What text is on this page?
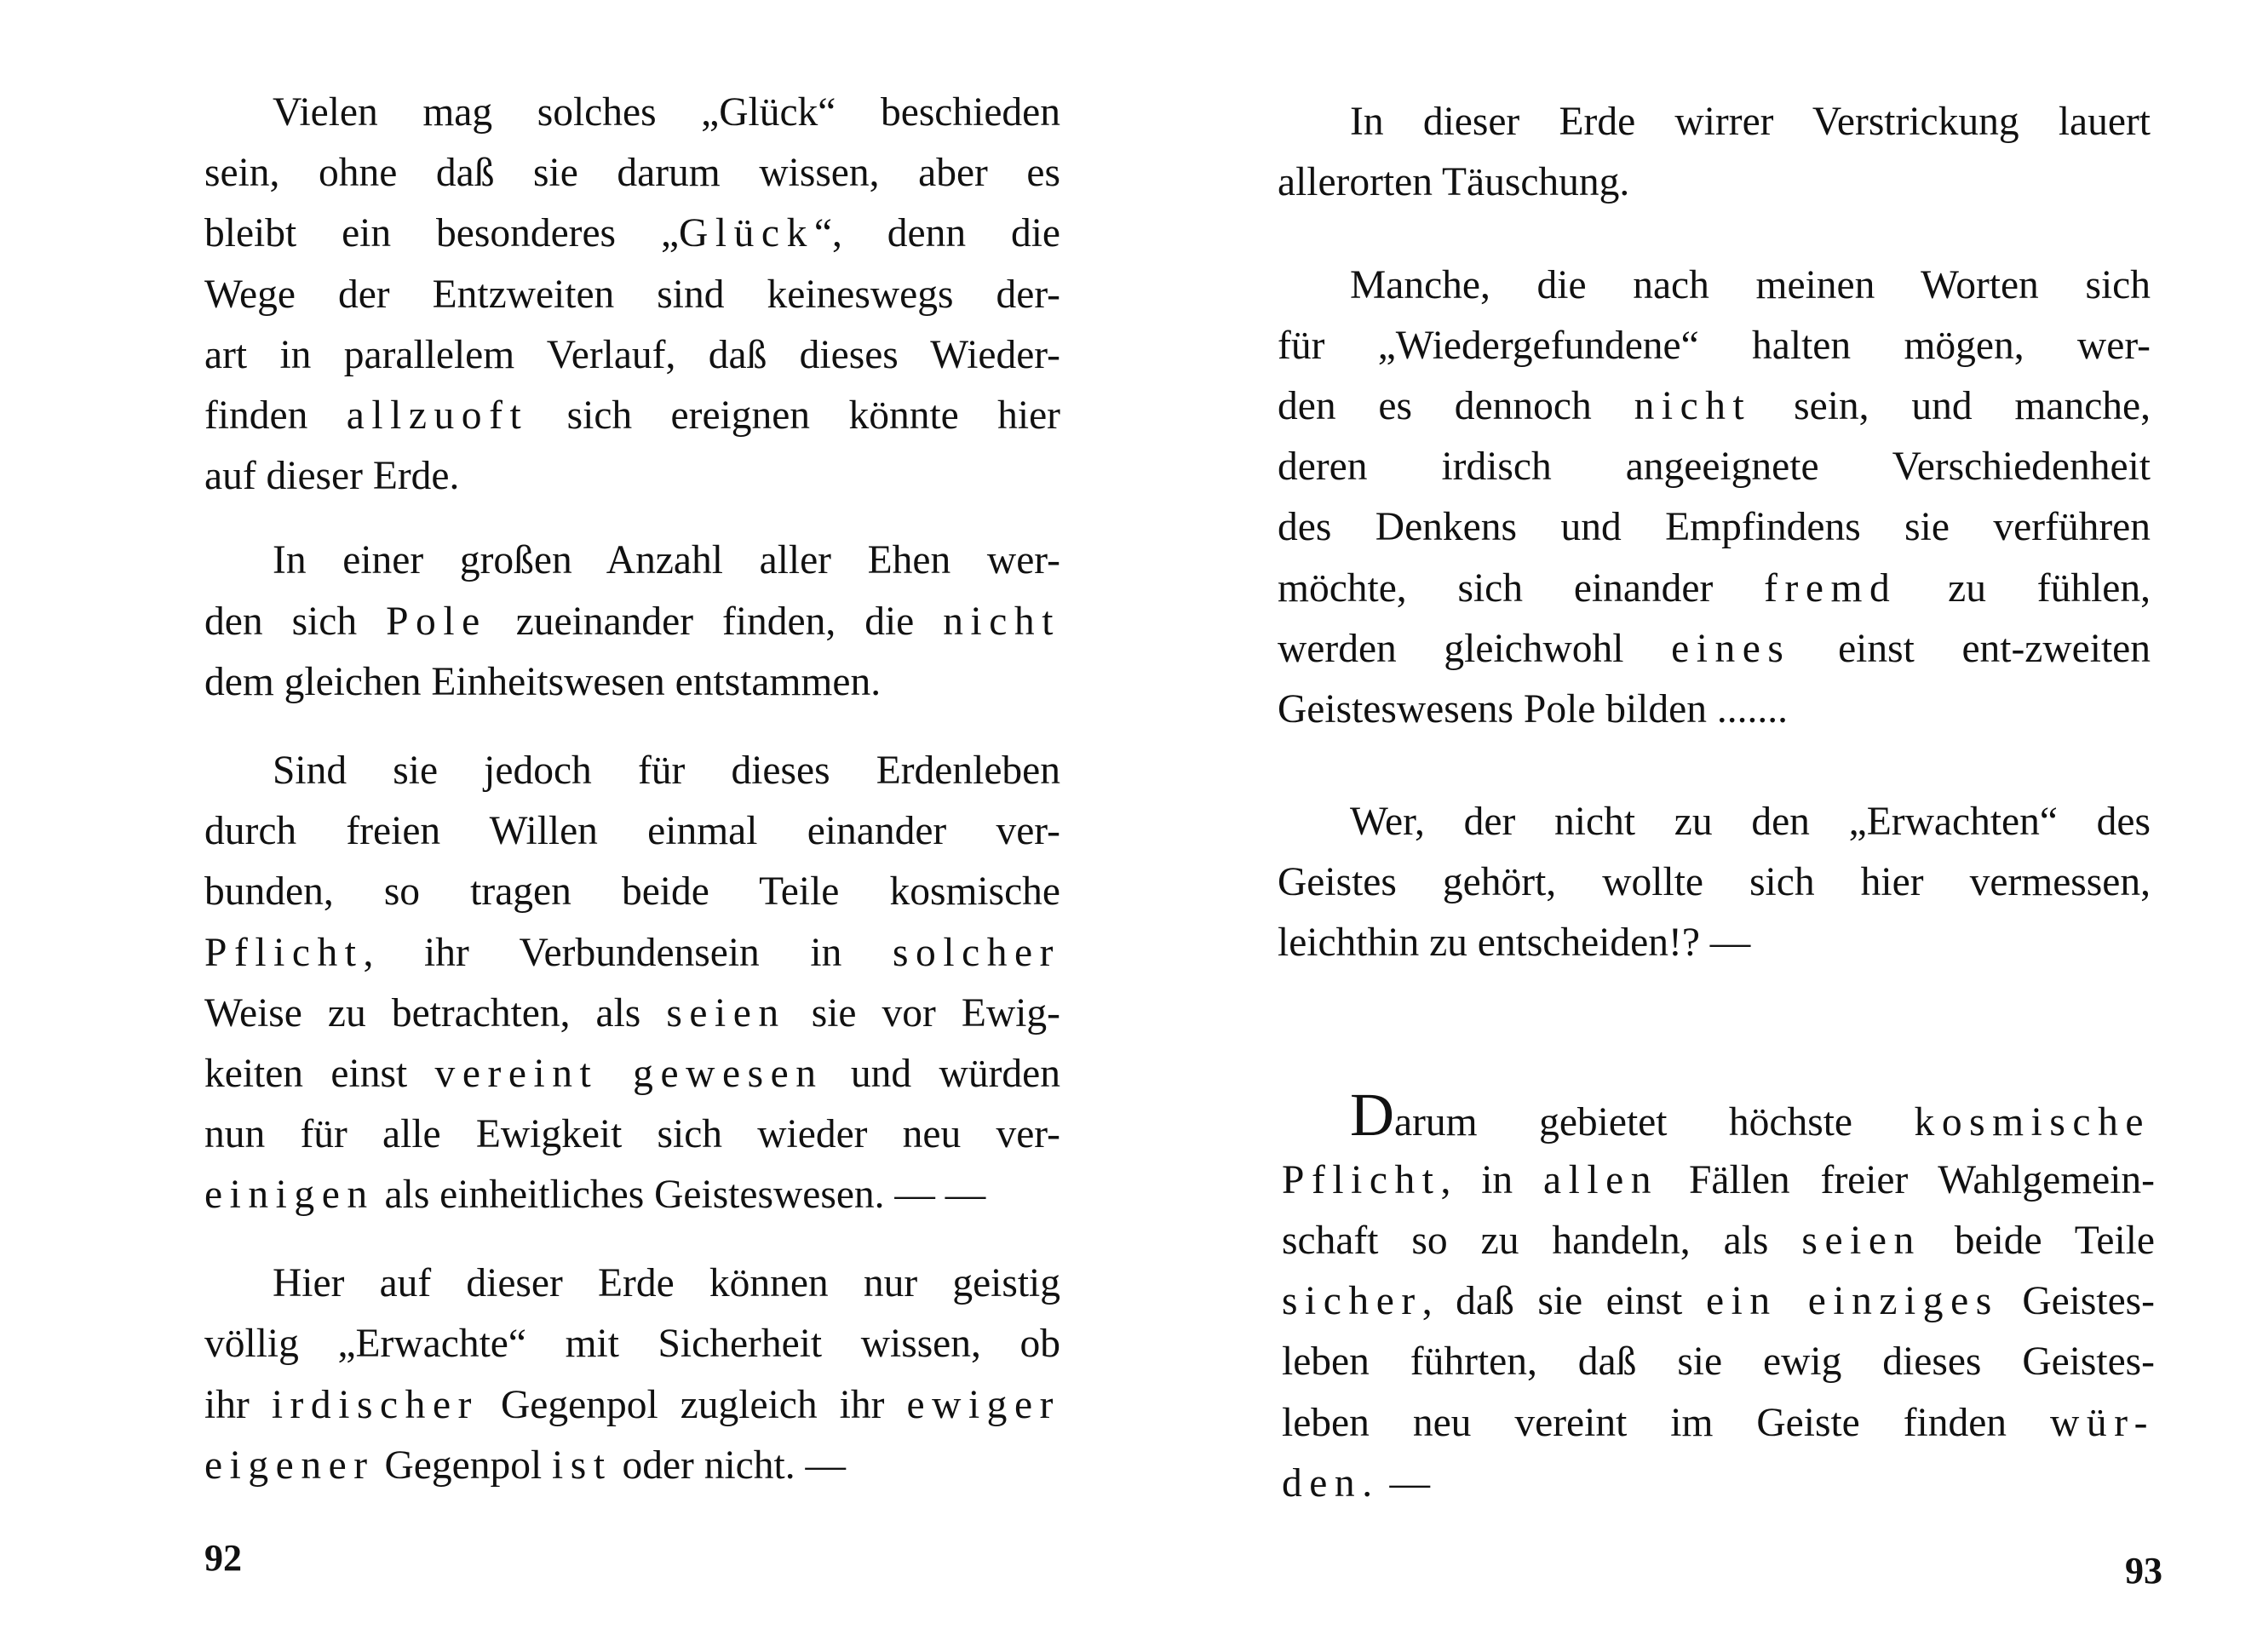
Vielen mag solches „Glück“ beschieden
sein, ohne daß sie darum wissen, aber es
bleibt ein besonderes „Glück“, denn die
Wege der Entzweiten sind keineswegs der-
art in parallelem Verlauf, daß dieses Wieder-
finden allzuoft sich ereignen könnte hier
auf dieser Erde.
In einer großen Anzahl aller Ehen wer-
den sich Pole zueinander finden, die nicht
dem gleichen Einheitswesen entstammen.
Sind sie jedoch für dieses Erdenleben
durch freien Willen einmal einander ver-
bunden, so tragen beide Teile kosmische
Pflicht, ihr Verbundensein in solcher
Weise zu betrachten, als seien sie vor Ewig-
keiten einst vereint gewesen und würden
nun für alle Ewigkeit sich wieder neu ver-
einigen als einheitliches Geisteswesen. — —
Hier auf dieser Erde können nur geistig
völlig „Erwachte“ mit Sicherheit wissen, ob
ihr irdischer Gegenpol zugleich ihr ewiger
eigener Gegenpol ist oder nicht. —
92
In dieser Erde wirrer Verstrickung lauert
allerorten Täuschung.
Manche, die nach meinen Worten sich
für „Wiedergefundene“ halten mögen, wer-
den es dennoch nicht sein, und manche,
deren irdisch angeeignete Verschiedenheit
des Denkens und Empfindens sie verführen
möchte, sich einander fremd zu fühlen,
werden gleichwohl eines einst ent-zweiten
Geisteswesens Pole bilden .......
Wer, der nicht zu den „Erwachten“ des
Geistes gehört, wollte sich hier vermessen,
leichthin zu entscheiden!? —
Darum gebietet höchste kosmische
Pflicht, in allen Fällen freier Wahlgemein-
schaft so zu handeln, als seien beide Teile
sicher, daß sie einst ein einziges Geistes-
leben führten, daß sie ewig dieses Geistes-
leben neu vereint im Geiste finden wür-
den. —
93
